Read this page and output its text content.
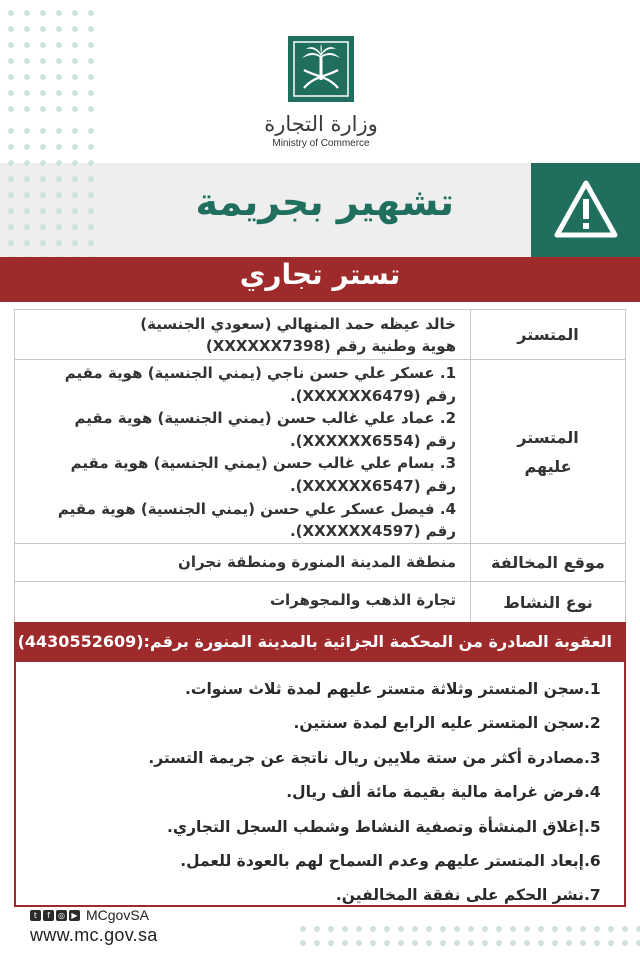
وزارة التجارة
Ministry of Commerce
تشهير بجريمة
تستر تجاري
المتستر
خالد عيظه حمد المنهالي (سعودي الجنسية)
هوية وطنية رقم (XXXXXX7398)
المتستر
عليهم
1. عسكر علي حسن ناجي (يمني الجنسية) هوية مقيم
رقم (XXXXXX6479).
2. عماد علي غالب حسن (يمني الجنسية) هوية مقيم
رقم (XXXXXX6554).
3. بسام علي غالب حسن (يمني الجنسية) هوية مقيم
رقم (XXXXXX6547).
4. فيصل عسكر علي حسن (يمني الجنسية) هوية مقيم
رقم (XXXXXX4597).
موقع المخالفة
منطقة المدينة المنورة ومنطقة نجران
نوع النشاط
تجارة الذهب والمجوهرات
العقوبة الصادرة من المحكمة الجزائية بالمدينة المنورة برقم:(4430552609)
1.سجن المتستر وثلاثة متستر عليهم لمدة ثلاث سنوات.
2.سجن المتستر عليه الرابع لمدة سنتين.
3.مصادرة أكثر من ستة ملايين ريال ناتجة عن جريمة التستر.
4.فرض غرامة مالية بقيمة مائة ألف ريال.
5.إغلاق المنشأة وتصفية النشاط وشطب السجل التجاري.
6.إبعاد المتستر عليهم وعدم السماح لهم بالعودة للعمل.
7.نشر الحكم على نفقة المخالفين.
t	f	◎ ▶ MCgovSA
www.mc.gov.sa
